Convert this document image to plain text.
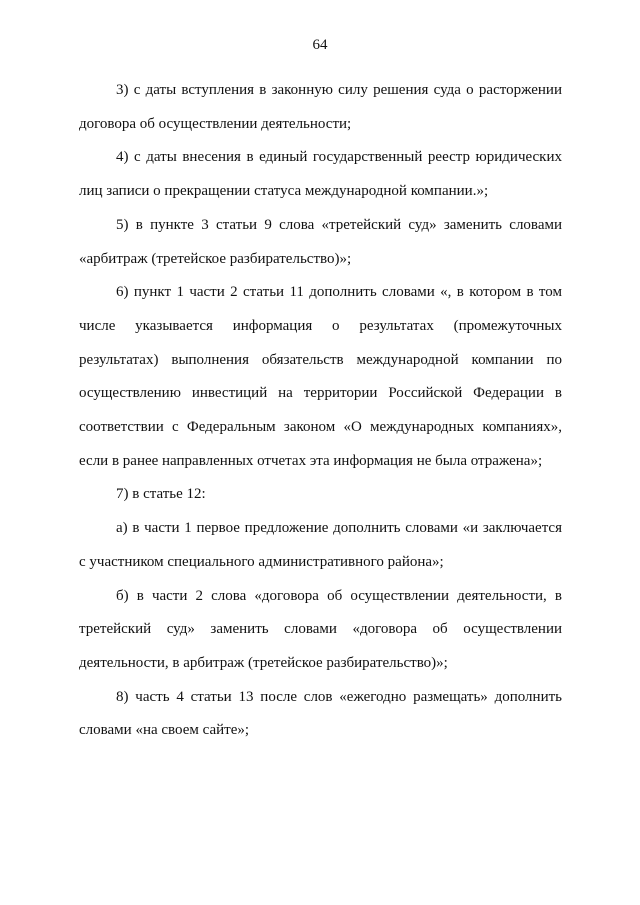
64

3) с даты вступления в законную силу решения суда о расторжении договора об осуществлении деятельности;

4) с даты внесения в единый государственный реестр юридических лиц записи о прекращении статуса международной компании.»;

5) в пункте 3 статьи 9 слова «третейский суд» заменить словами «арбитраж (третейское разбирательство)»;

6) пункт 1 части 2 статьи 11 дополнить словами «, в котором в том числе указывается информация о результатах (промежуточных результатах) выполнения обязательств международной компании по осуществлению инвестиций на территории Российской Федерации в соответствии с Федеральным законом «О международных компаниях», если в ранее направленных отчетах эта информация не была отражена»;

7) в статье 12:

а) в части 1 первое предложение дополнить словами «и заключается с участником специального административного района»;

б) в части 2 слова «договора об осуществлении деятельности, в третейский суд» заменить словами «договора об осуществлении деятельности, в арбитраж (третейское разбирательство)»;

8) часть 4 статьи 13 после слов «ежегодно размещать» дополнить словами «на своем сайте»;
